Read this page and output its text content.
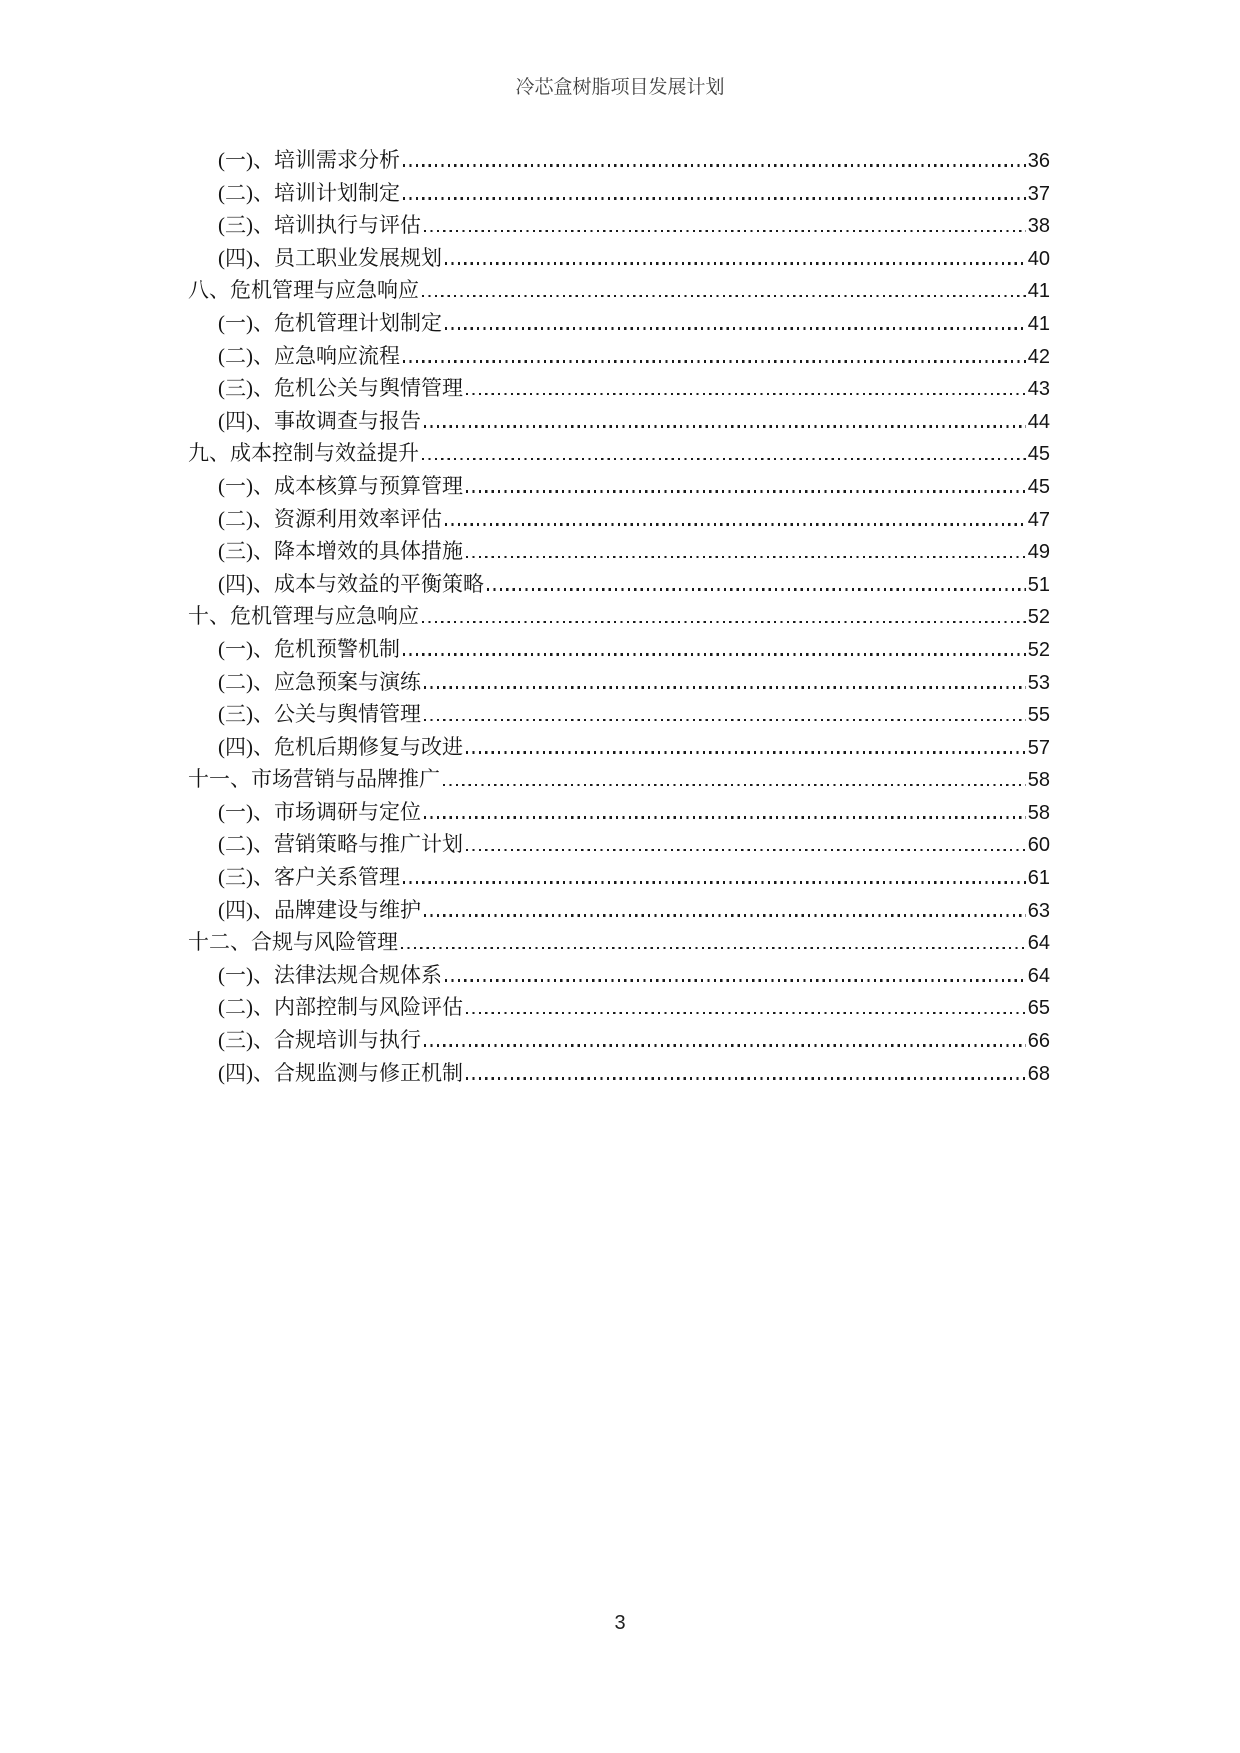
冷芯盒树脂项目发展计划
(一)、培训需求分析	36
(二)、培训计划制定	37
(三)、培训执行与评估	38
(四)、员工职业发展规划	40
八、危机管理与应急响应	41
(一)、危机管理计划制定	41
(二)、应急响应流程	42
(三)、危机公关与舆情管理	43
(四)、事故调查与报告	44
九、成本控制与效益提升	45
(一)、成本核算与预算管理	45
(二)、资源利用效率评估	47
(三)、降本增效的具体措施	49
(四)、成本与效益的平衡策略	51
十、危机管理与应急响应	52
(一)、危机预警机制	52
(二)、应急预案与演练	53
(三)、公关与舆情管理	55
(四)、危机后期修复与改进	57
十一、市场营销与品牌推广	58
(一)、市场调研与定位	58
(二)、营销策略与推广计划	60
(三)、客户关系管理	61
(四)、品牌建设与维护	63
十二、合规与风险管理	64
(一)、法律法规合规体系	64
(二)、内部控制与风险评估	65
(三)、合规培训与执行	66
(四)、合规监测与修正机制	68
3
